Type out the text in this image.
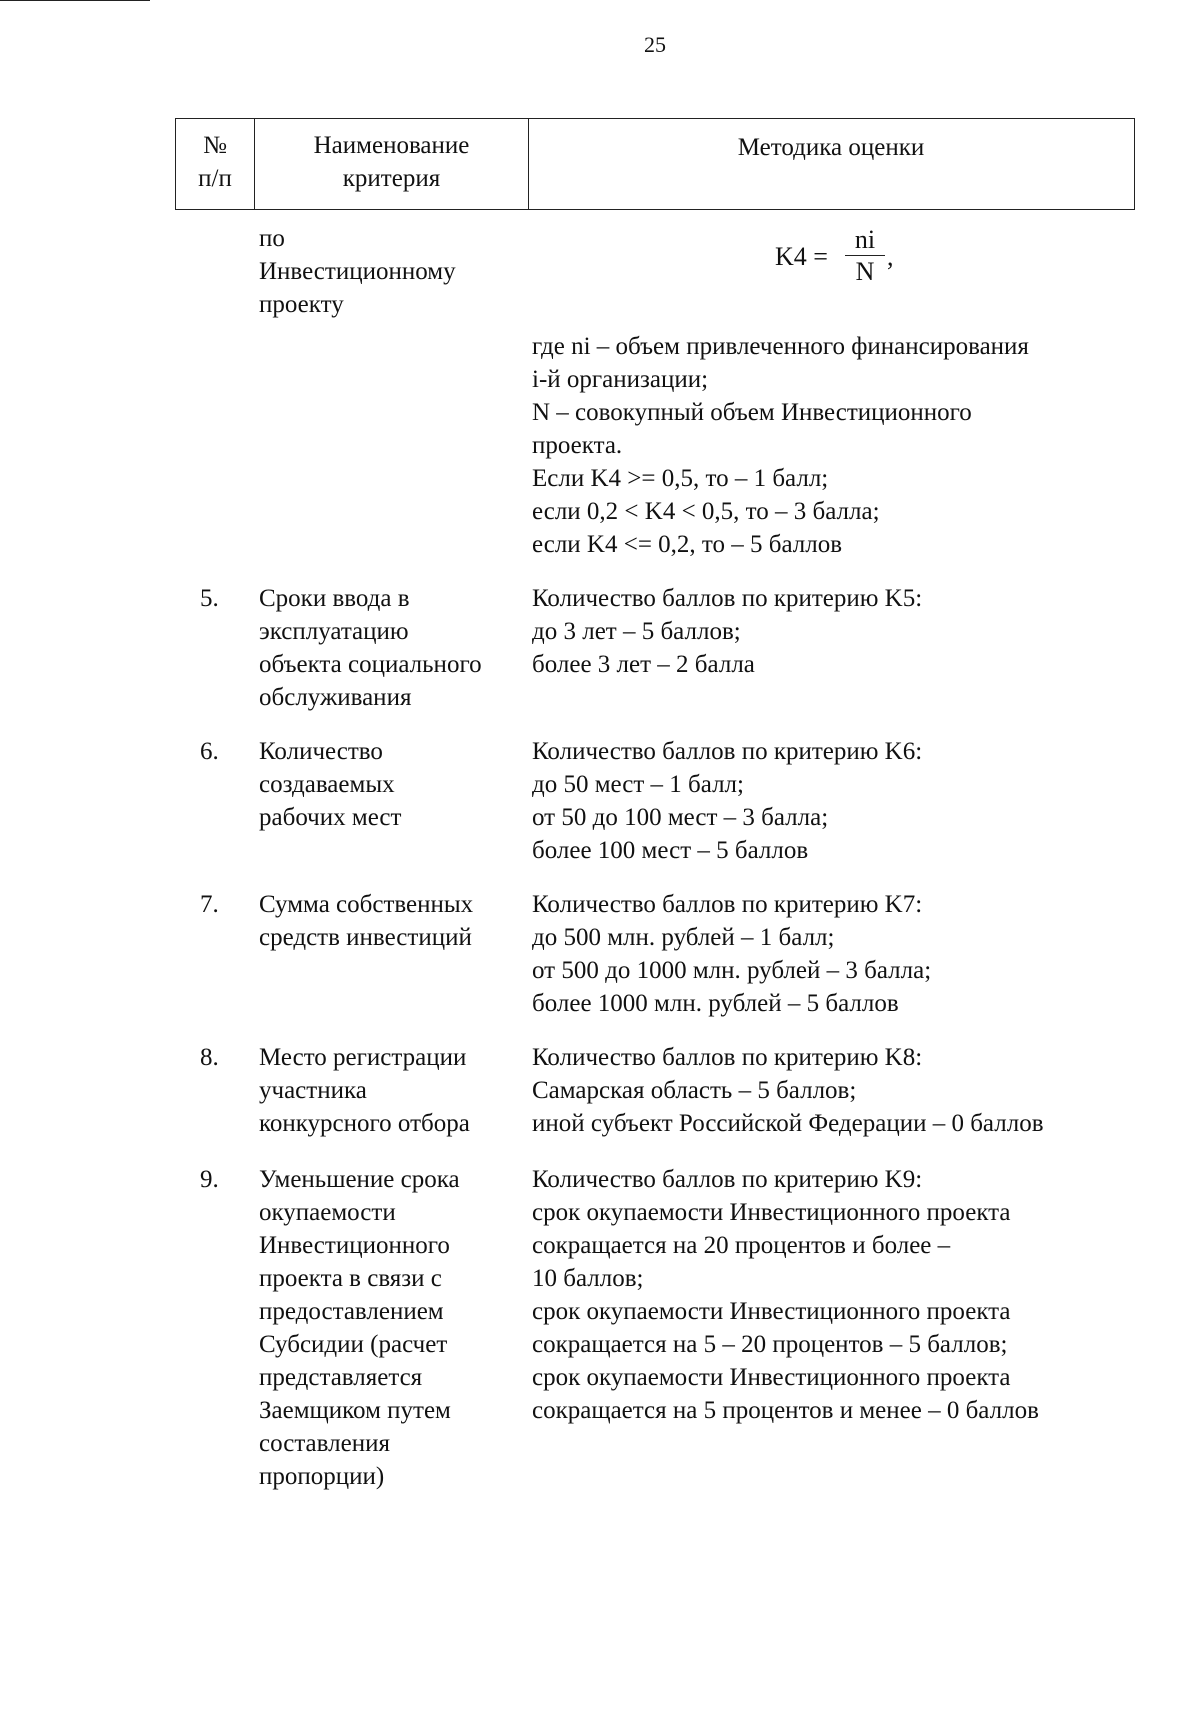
25
№
п/п
Наименование
критерия
Методика оценки
по
Инвестиционному
проекту
$K4 = \frac{ni}{N}$ ,
где ni – объем привлеченного финансирования
i-й организации;
N – совокупный объем Инвестиционного
проекта.
Если K4 >= 0,5, то – 1 балл;
если 0,2 < K4 < 0,5, то – 3 балла;
если K4 <= 0,2, то – 5 баллов
5. Сроки ввода в
эксплуатацию
объекта социального
обслуживания
Количество баллов по критерию K5:
до 3 лет – 5 баллов;
более 3 лет – 2 балла
6. Количество
создаваемых
рабочих мест
Количество баллов по критерию K6:
до 50 мест – 1 балл;
от 50 до 100 мест – 3 балла;
более 100 мест – 5 баллов
7. Сумма собственных
средств инвестиций
Количество баллов по критерию K7:
до 500 млн. рублей – 1 балл;
от 500 до 1000 млн. рублей – 3 балла;
более 1000 млн. рублей – 5 баллов
8. Место регистрации
участника
конкурсного отбора
Количество баллов по критерию K8:
Самарская область – 5 баллов;
иной субъект Российской Федерации – 0 баллов
9. Уменьшение срока
окупаемости
Инвестиционного
проекта в связи с
предоставлением
Субсидии (расчет
представляется
Заемщиком путем
составления
пропорции)
Количество баллов по критерию K9:
срок окупаемости Инвестиционного проекта
сокращается на 20 процентов и более –
10 баллов;
срок окупаемости Инвестиционного проекта
сокращается на 5 – 20 процентов – 5 баллов;
срок окупаемости Инвестиционного проекта
сокращается на 5 процентов и менее – 0 баллов
